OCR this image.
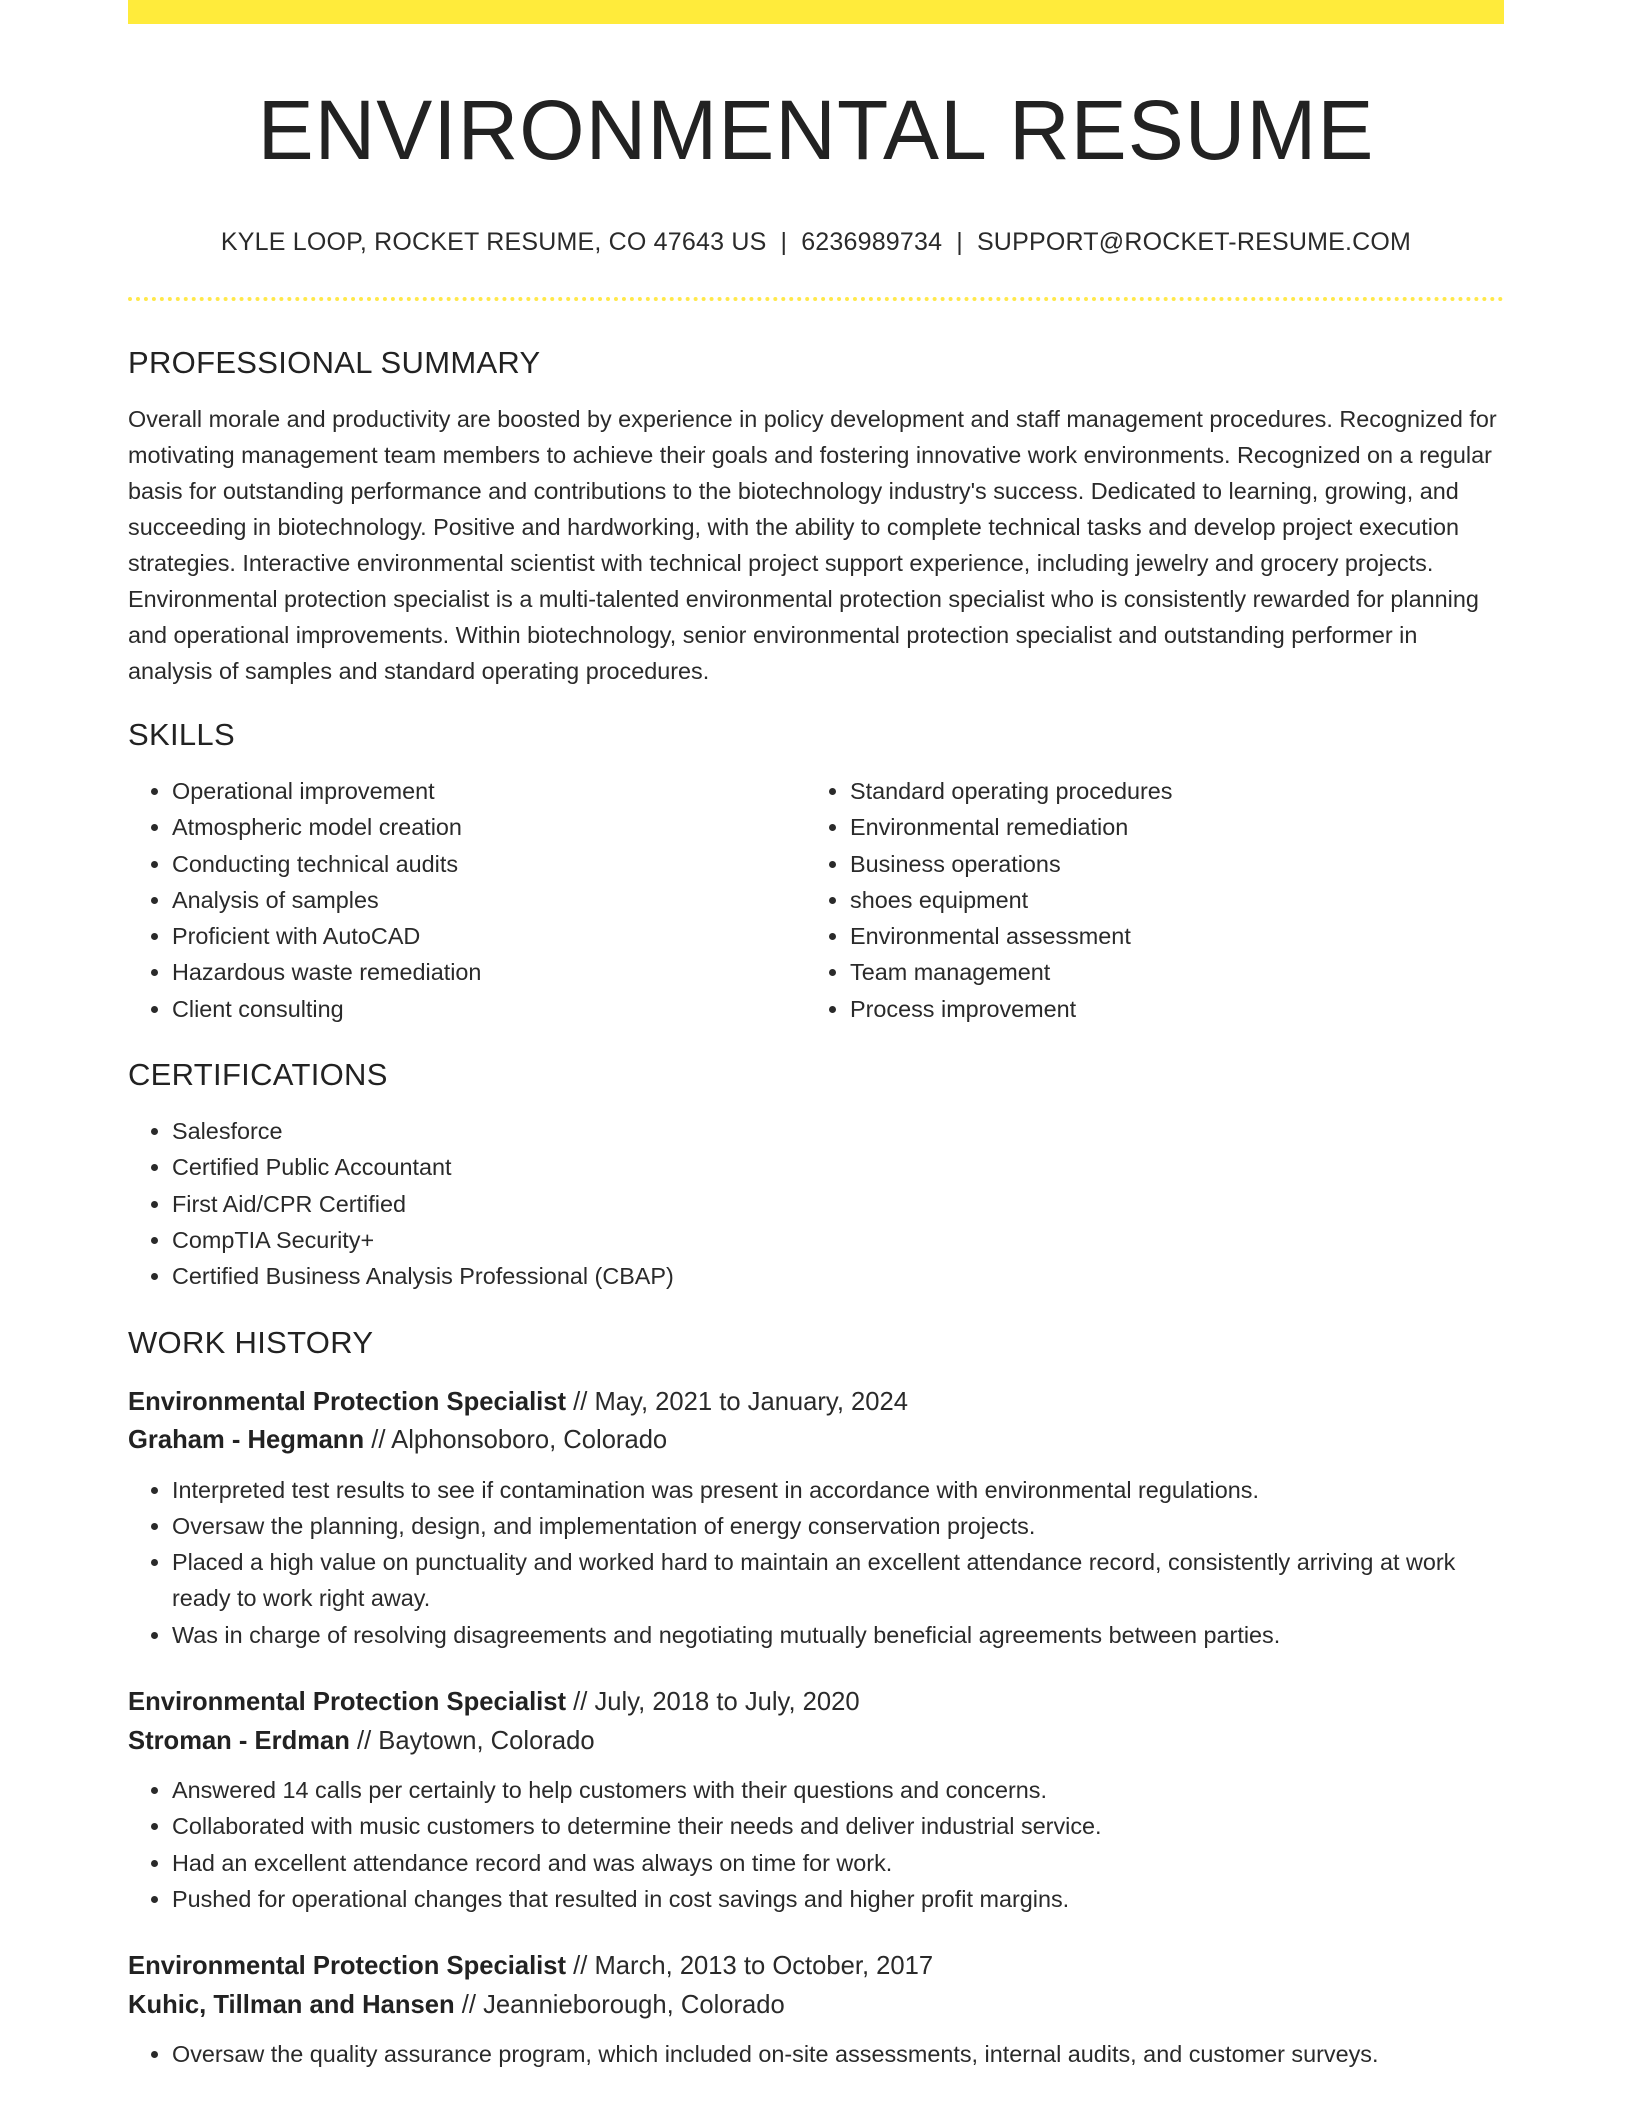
ENVIRONMENTAL RESUME
KYLE LOOP, ROCKET RESUME, CO 47643 US | 6236989734 | SUPPORT@ROCKET-RESUME.COM
PROFESSIONAL SUMMARY

Overall morale and productivity are boosted by experience in policy development and staff management procedures. Recognized for motivating management team members to achieve their goals and fostering innovative work environments. Recognized on a regular basis for outstanding performance and contributions to the biotechnology industry's success. Dedicated to learning, growing, and succeeding in biotechnology. Positive and hardworking, with the ability to complete technical tasks and develop project execution strategies. Interactive environmental scientist with technical project support experience, including jewelry and grocery projects. Environmental protection specialist is a multi-talented environmental protection specialist who is consistently rewarded for planning and operational improvements. Within biotechnology, senior environmental protection specialist and outstanding performer in analysis of samples and standard operating procedures.

SKILLS
• Operational improvement
• Atmospheric model creation
• Conducting technical audits
• Analysis of samples
• Proficient with AutoCAD
• Hazardous waste remediation
• Client consulting
• Standard operating procedures
• Environmental remediation
• Business operations
• shoes equipment
• Environmental assessment
• Team management
• Process improvement
CERTIFICATIONS
• Salesforce
• Certified Public Accountant
• First Aid/CPR Certified
• CompTIA Security+
• Certified Business Analysis Professional (CBAP)
WORK HISTORY
Environmental Protection Specialist // May, 2021 to January, 2024
Graham - Hegmann // Alphonsoboro, Colorado
• Interpreted test results to see if contamination was present in accordance with environmental regulations.
• Oversaw the planning, design, and implementation of energy conservation projects.
• Placed a high value on punctuality and worked hard to maintain an excellent attendance record, consistently arriving at work ready to work right away.
• Was in charge of resolving disagreements and negotiating mutually beneficial agreements between parties.
Environmental Protection Specialist // July, 2018 to July, 2020
Stroman - Erdman // Baytown, Colorado
• Answered 14 calls per certainly to help customers with their questions and concerns.
• Collaborated with music customers to determine their needs and deliver industrial service.
• Had an excellent attendance record and was always on time for work.
• Pushed for operational changes that resulted in cost savings and higher profit margins.
Environmental Protection Specialist // March, 2013 to October, 2017
Kuhic, Tillman and Hansen // Jeannieborough, Colorado
• Oversaw the quality assurance program, which included on-site assessments, internal audits, and customer surveys.
